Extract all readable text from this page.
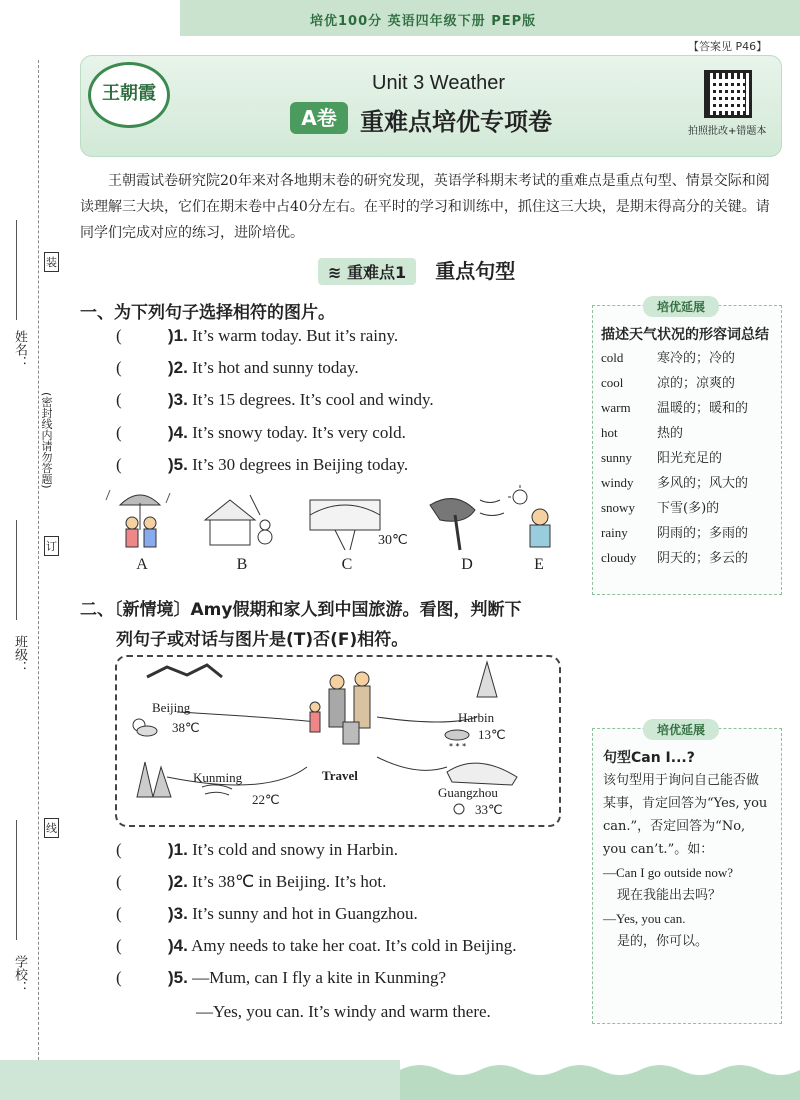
培优100分 英语四年级下册 PEP版
【答案见 P46】
王朝霞	Unit 3 Weather
A卷 重难点培优专项卷	拍照批改+错题本
王朝霞试卷研究院20年来对各地期末卷的研究发现，英语学科期末考试的重难点是重点句型、情景交际和阅读理解三大块，它们在期末卷中占40分左右。在平时的学习和训练中，抓住这三大块，是期末得高分的关键。请同学们完成对应的练习，进阶培优。
≋ 重难点1 重点句型
一、为下列句子选择相符的图片。
(	)1. It’s warm today. But it’s rainy.
(	)2. It’s hot and sunny today.
(	)3. It’s 15 degrees. It’s cool and windy.
(	)4. It’s snowy today. It’s very cold.
(	)5. It’s 30 degrees in Beijing today.
30℃
A	B	C	D	E
二、〔新情境〕Amy假期和家人到中国旅游。看图，判断下
列句子或对话与图片是(T)否(F)相符。
* * *
Beijing
38℃
Harbin
13℃
Kunming
22℃
Travel
Guangzhou
33℃
(	)1. It’s cold and snowy in Harbin.
(	)2. It’s 38℃ in Beijing. It’s hot.
(	)3. It’s sunny and hot in Guangzhou.
(	)4. Amy needs to take her coat. It’s cold in Beijing.
(	)5. —Mum, can I fly a kite in Kunming?
—Yes, you can. It’s windy and warm there.
培优延展
描述天气状况的形容词总结
cold	寒冷的；冷的
cool	凉的；凉爽的
warm 温暖的；暖和的
hot	热的
sunny 阳光充足的
windy 多风的；风大的
snowy 下雪(多)的
rainy 阴雨的；多雨的
cloudy 阴天的；多云的
培优延展
句型Can I...?
该句型用于询问自己能否做某事，肯定回答为“Yes, you can.”，否定回答为“No, you can’t.”。如：
—Can I go outside now?
现在我能出去吗？
—Yes, you can.
是的，你可以。
姓名：
班级：
学校：
(密封线内请勿答题)
装
订
线
